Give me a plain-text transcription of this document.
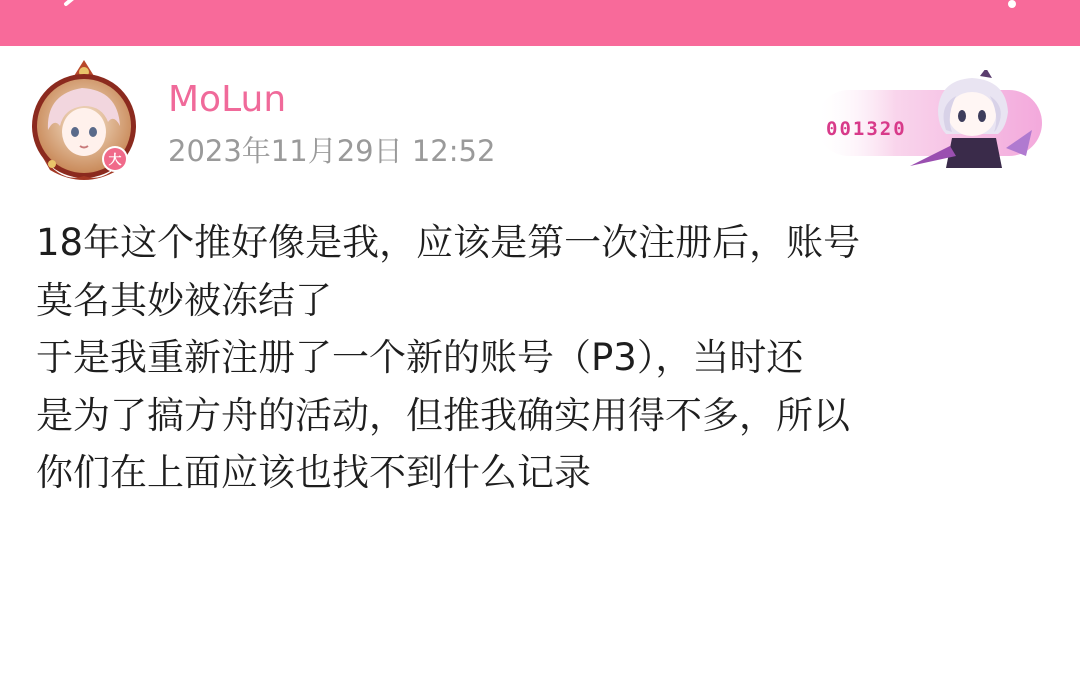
大
MoLun
2023年11月29日 12:52
001320
18年这个推好像是我，应该是第一次注册后，账号
莫名其妙被冻结了
于是我重新注册了一个新的账号（P3），当时还
是为了搞方舟的活动，但推我确实用得不多，所以
你们在上面应该也找不到什么记录
